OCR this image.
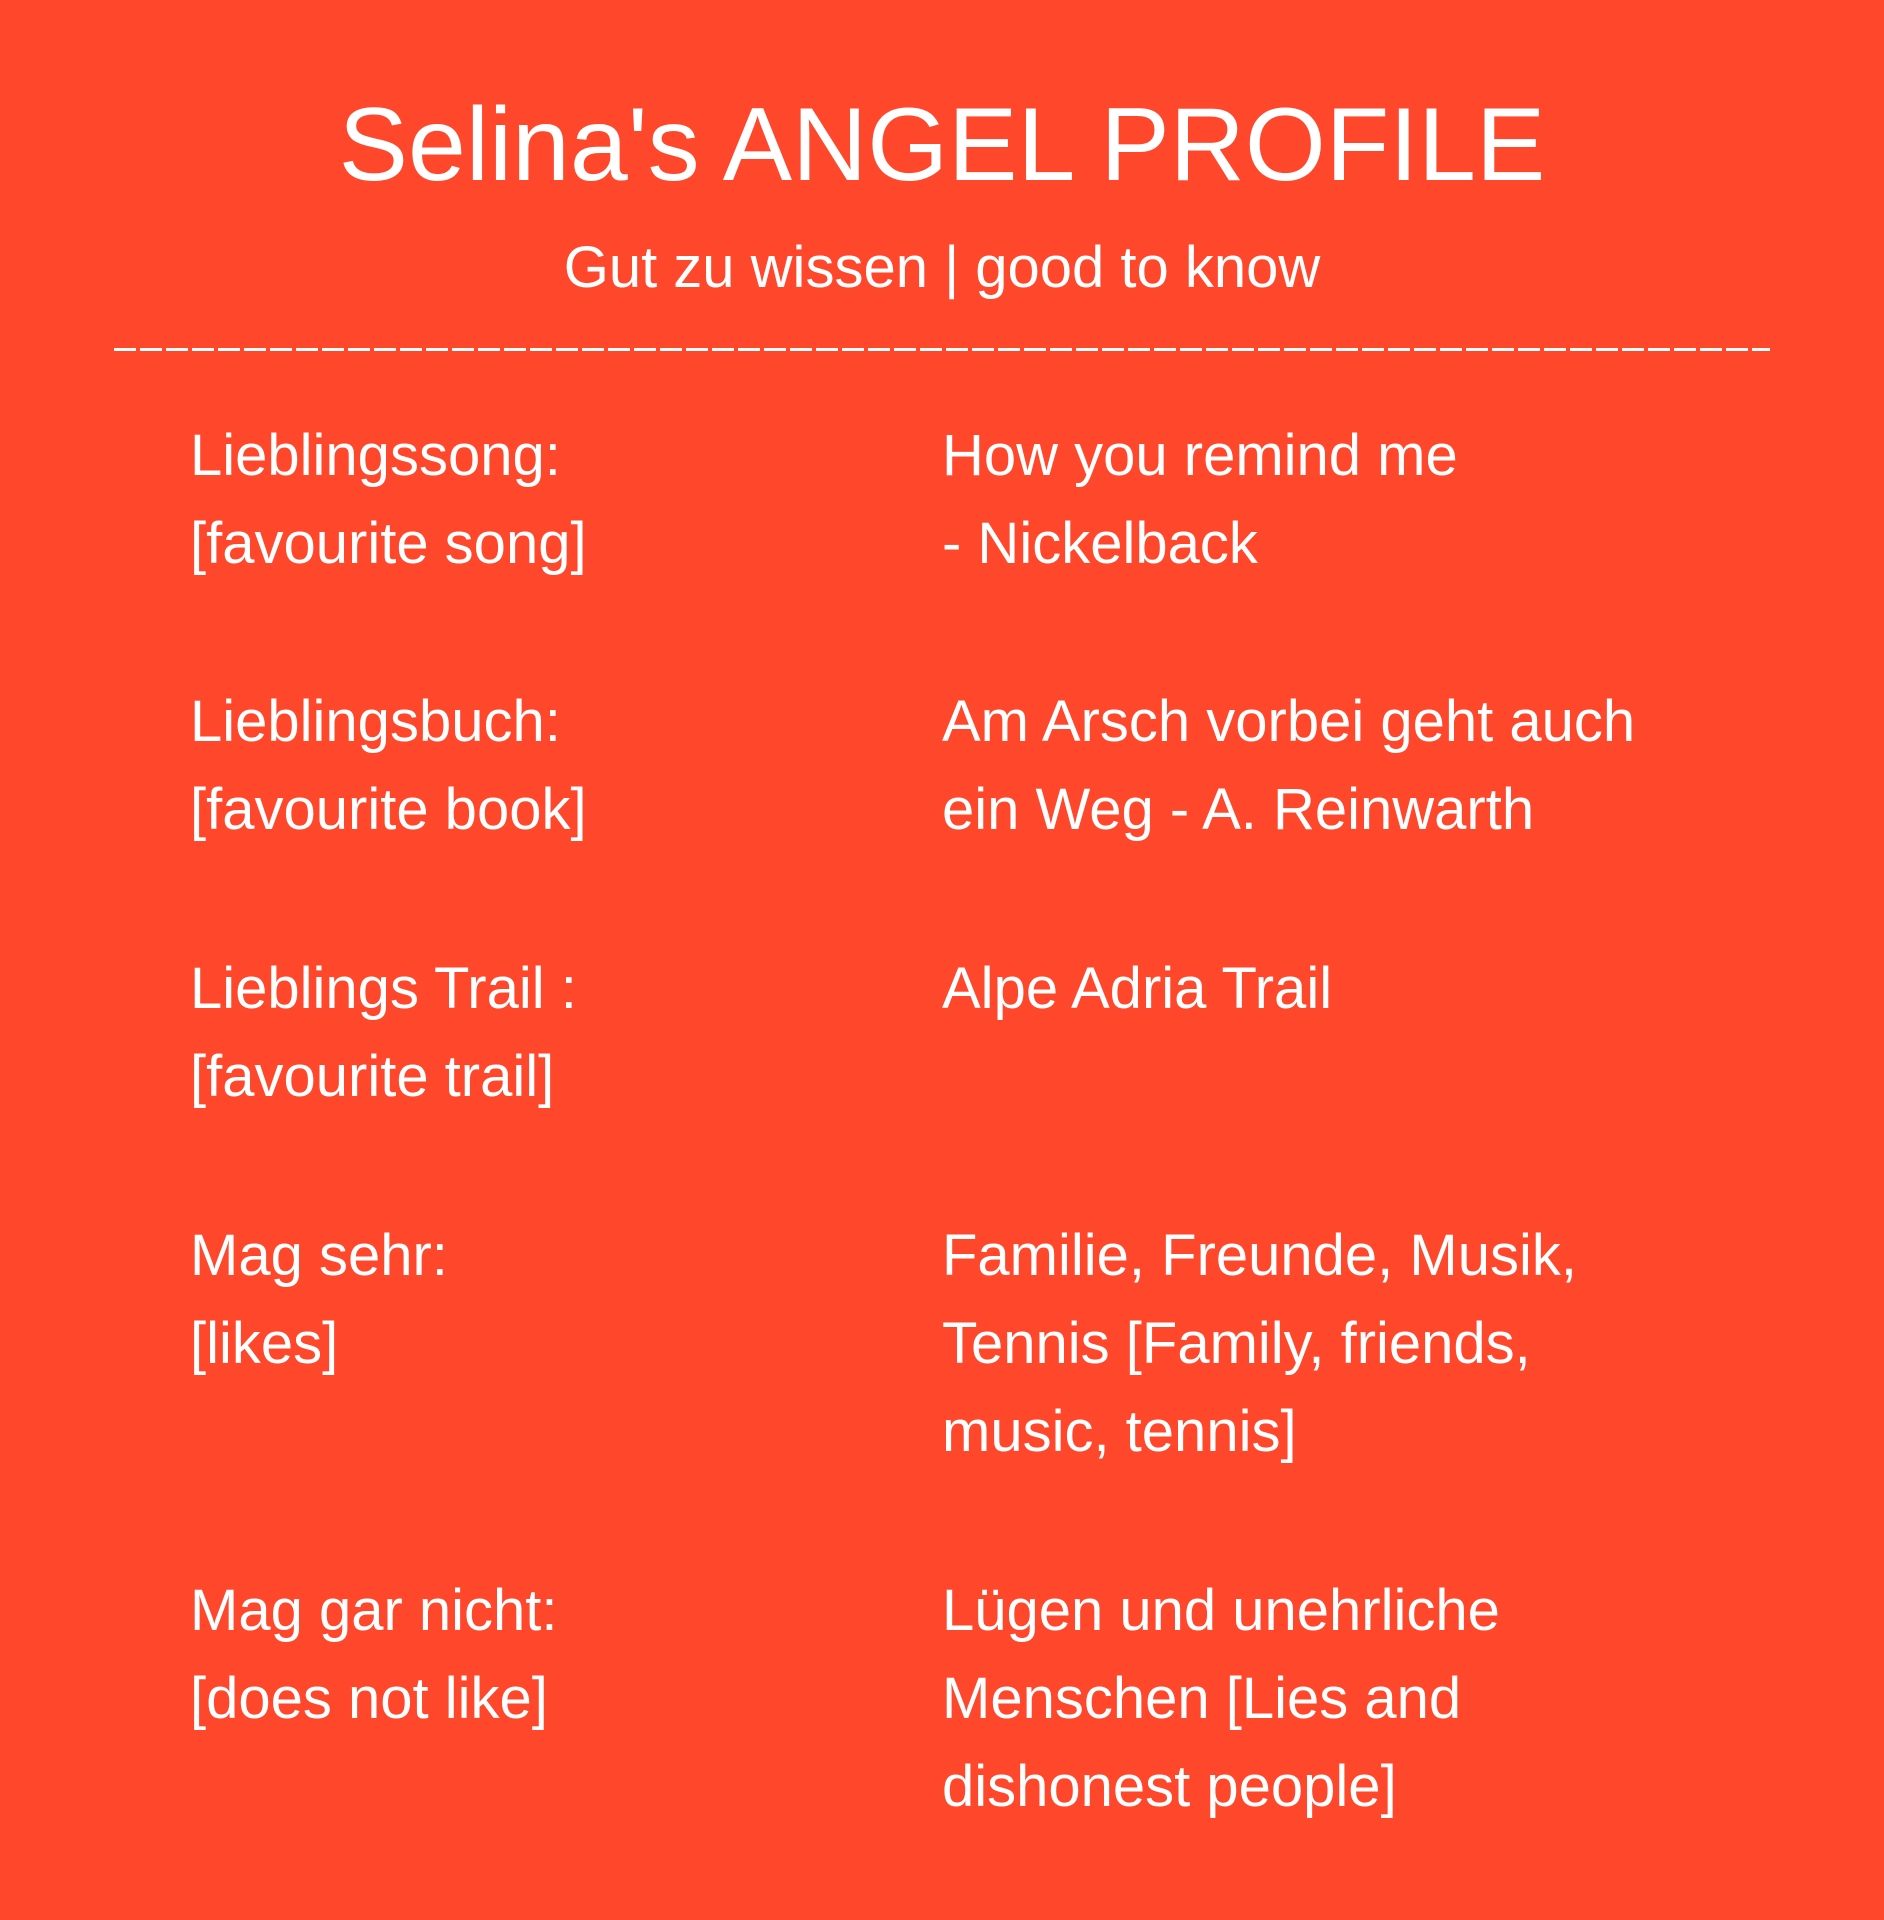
Selina's ANGEL PROFILE
Gut zu wissen | good to know
Lieblingssong:
[favourite song]
How you remind me
- Nickelback
Lieblingsbuch:
[favourite book]
Am Arsch vorbei geht auch
ein Weg - A. Reinwarth
Lieblings Trail :
[favourite trail]
Alpe Adria Trail
Mag sehr:
[likes]
Familie, Freunde, Musik,
Tennis [Family, friends,
music, tennis]
Mag gar nicht:
[does not like]
Lügen und unehrliche
Menschen [Lies and
dishonest people]
